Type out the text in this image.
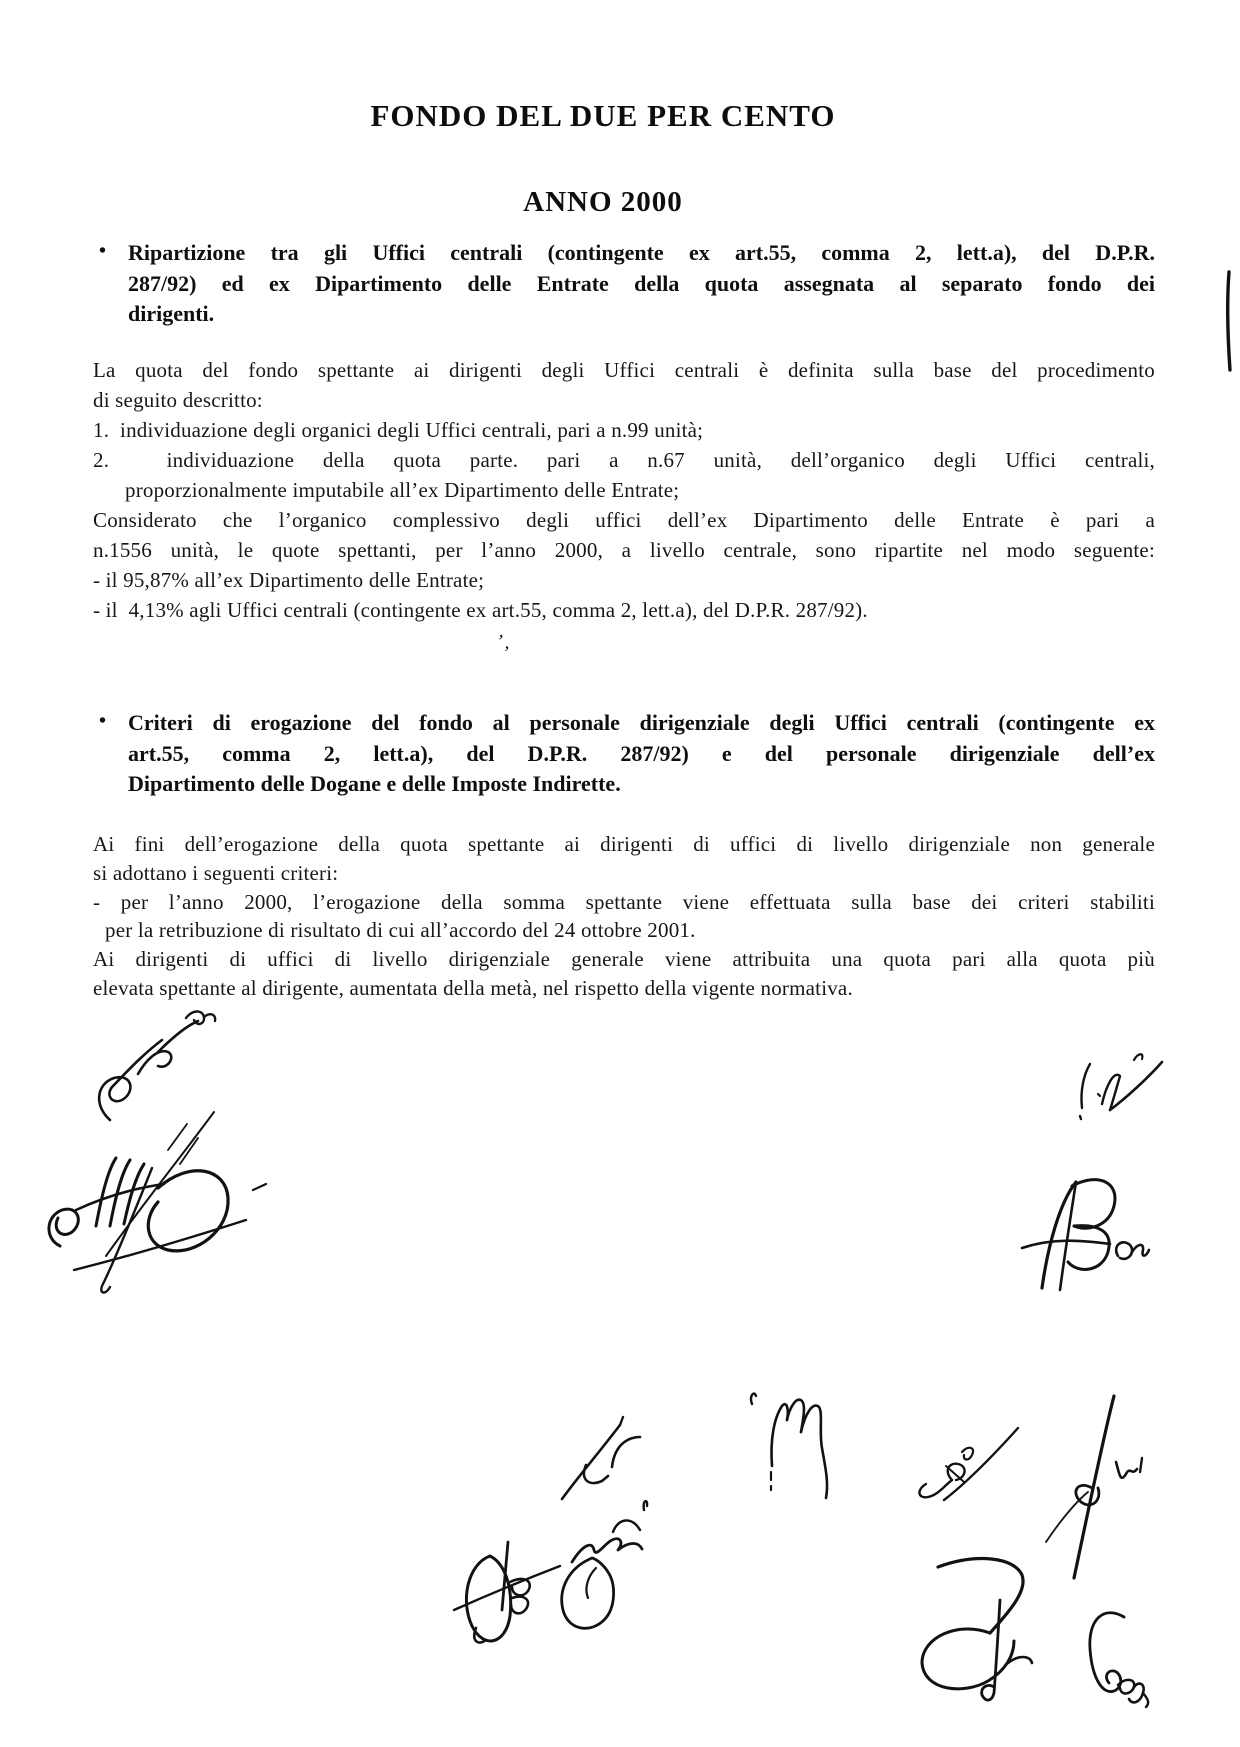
FONDO DEL DUE PER CENTO
ANNO 2000
• Ripartizione tra gli Uffici centrali (contingente ex art.55, comma 2, lett.a), del D.P.R.
287/92) ed ex Dipartimento delle Entrate della quota assegnata al separato fondo dei
dirigenti.
La quota del fondo spettante ai dirigenti degli Uffici centrali è definita sulla base del procedimento
di seguito descritto:
1.  individuazione degli organici degli Uffici centrali, pari a n.99 unità;
2.  individuazione della quota parte. pari a n.67 unità, dell’organico degli Uffici centrali,
proporzionalmente imputabile all’ex Dipartimento delle Entrate;
Considerato che l’organico complessivo degli uffici dell’ex Dipartimento delle Entrate è pari a
n.1556 unità, le quote spettanti, per l’anno 2000, a livello centrale, sono ripartite nel modo seguente:
- il 95,87% all’ex Dipartimento delle Entrate;
- il  4,13% agli Uffici centrali (contingente ex art.55, comma 2, lett.a), del D.P.R. 287/92).
’,
• Criteri di erogazione del fondo al personale dirigenziale degli Uffici centrali (contingente ex
art.55, comma 2, lett.a), del D.P.R. 287/92) e del personale dirigenziale dell’ex
Dipartimento delle Dogane e delle Imposte Indirette.
Ai fini dell’erogazione della quota spettante ai dirigenti di uffici di livello dirigenziale non generale
si adottano i seguenti criteri:
- per l’anno 2000, l’erogazione della somma spettante viene effettuata sulla base dei criteri stabiliti
per la retribuzione di risultato di cui all’accordo del 24 ottobre 2001.
Ai dirigenti di uffici di livello dirigenziale generale viene attribuita una quota pari alla quota più
elevata spettante al dirigente, aumentata della metà, nel rispetto della vigente normativa.
